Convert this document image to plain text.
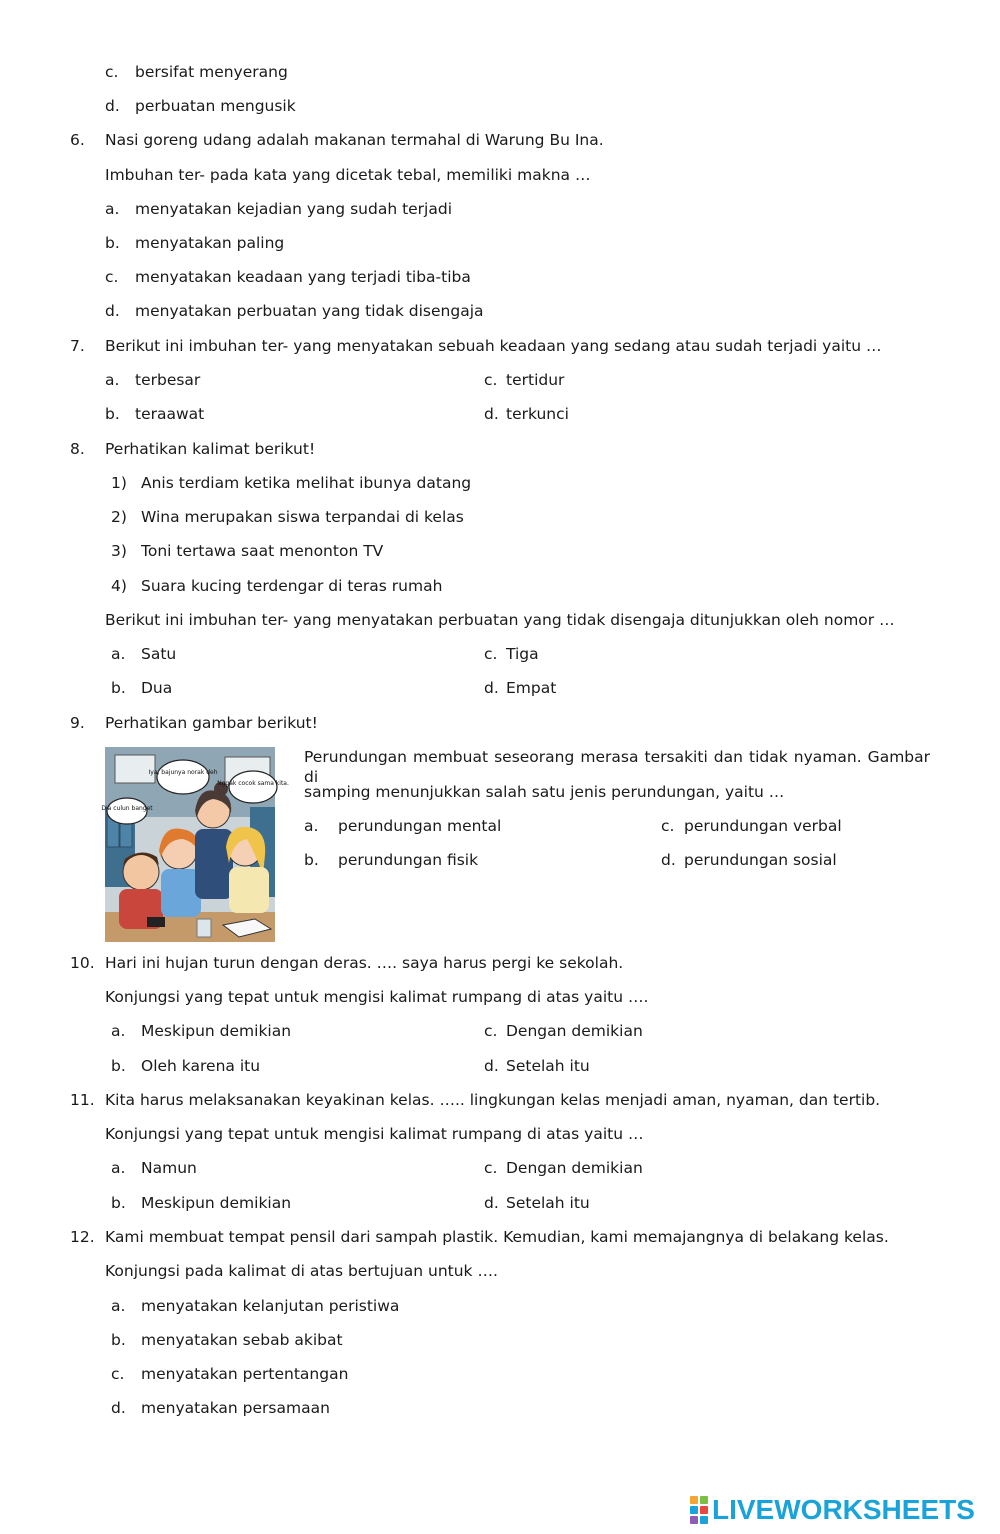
c. bersifat menyerang
d. perbuatan mengusik
6. Nasi goreng udang adalah makanan termahal di Warung Bu Ina.
Imbuhan ter- pada kata yang dicetak tebal, memiliki makna …
a. menyatakan kejadian yang sudah terjadi
b. menyatakan paling
c. menyatakan keadaan yang terjadi tiba-tiba
d. menyatakan perbuatan yang tidak disengaja
7. Berikut ini imbuhan ter- yang menyatakan sebuah keadaan yang sedang atau sudah terjadi yaitu …
a. terbesar
b. teraawat
c. tertidur
d. terkunci
8. Perhatikan kalimat berikut!
1) Anis terdiam ketika melihat ibunya datang
2) Wina merupakan siswa terpandai di kelas
3) Toni tertawa saat menonton TV
4) Suara kucing terdengar di teras rumah
Berikut ini imbuhan ter- yang menyatakan perbuatan yang tidak disengaja ditunjukkan oleh nomor …
a. Satu
b. Dua
c. Tiga
d. Empat
9. Perhatikan gambar berikut!
Iya, bajunya norak deh
Nggak cocok sama kita.
Dia culun banget
Perundungan membuat seseorang merasa tersakiti dan tidak nyaman. Gambar di
samping menunjukkan salah satu jenis perundungan, yaitu …
a. perundungan mental
b. perundungan fisik
c. perundungan verbal
d. perundungan sosial
10. Hari ini hujan turun dengan deras. …. saya harus pergi ke sekolah.
Konjungsi yang tepat untuk mengisi kalimat rumpang di atas yaitu ….
a. Meskipun demikian
b. Oleh karena itu
c. Dengan demikian
d. Setelah itu
11. Kita harus melaksanakan keyakinan kelas. ….. lingkungan kelas menjadi aman, nyaman, dan tertib.
Konjungsi yang tepat untuk mengisi kalimat rumpang di atas yaitu …
a. Namun
b. Meskipun demikian
c. Dengan demikian
d. Setelah itu
12. Kami membuat tempat pensil dari sampah plastik. Kemudian, kami memajangnya di belakang kelas.
Konjungsi pada kalimat di atas bertujuan untuk ….
a. menyatakan kelanjutan peristiwa
b. menyatakan sebab akibat
c. menyatakan pertentangan
d. menyatakan persamaan
LIVEWORKSHEETS
